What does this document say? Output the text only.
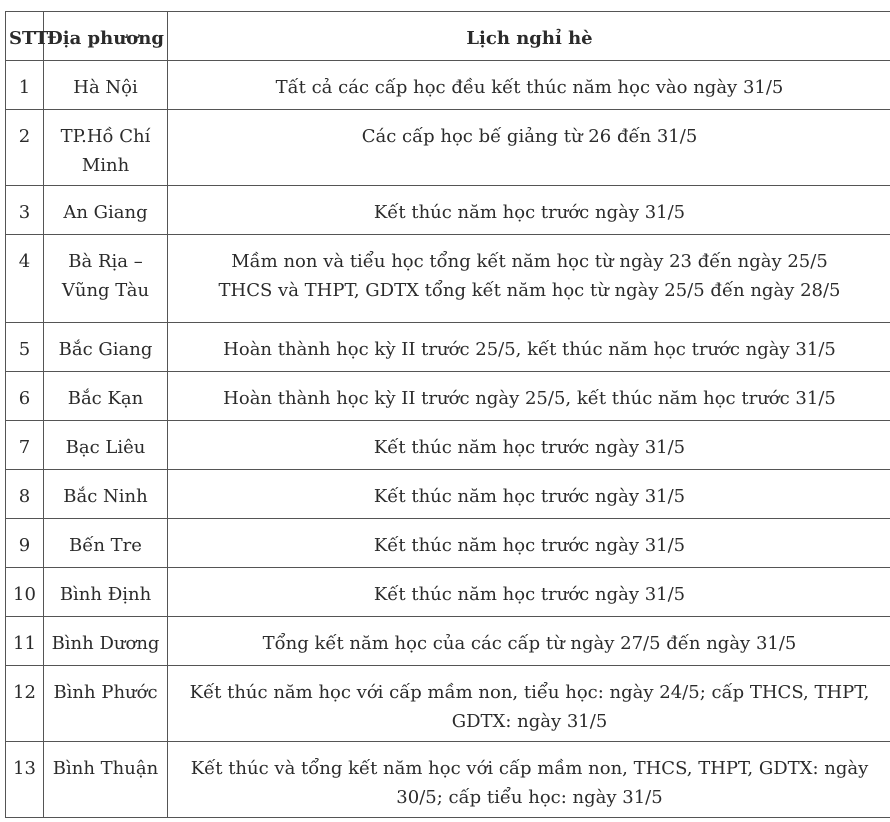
STT	Địa phương	Lịch nghỉ hè
1	Hà Nội	Tất cả các cấp học đều kết thúc năm học vào ngày 31/5

2	TP.Hồ Chí Minh	Các cấp học bế giảng từ 26 đến 31/5

3	An Giang	Kết thúc năm học trước ngày 31/5

4	Bà Rịa – Vũng Tàu	Mầm non và tiểu học tổng kết năm học từ ngày 23 đến ngày 25/5
THCS và THPT, GDTX tổng kết năm học từ ngày 25/5 đến ngày 28/5

5	Bắc Giang	Hoàn thành học kỳ II trước 25/5, kết thúc năm học trước ngày 31/5

6	Bắc Kạn	Hoàn thành học kỳ II trước ngày 25/5, kết thúc năm học trước 31/5

7	Bạc Liêu	Kết thúc năm học trước ngày 31/5

8	Bắc Ninh	Kết thúc năm học trước ngày 31/5

9	Bến Tre	Kết thúc năm học trước ngày 31/5

10	Bình Định	Kết thúc năm học trước ngày 31/5

11	Bình Dương	Tổng kết năm học của các cấp từ ngày 27/5 đến ngày 31/5

12	Bình Phước	Kết thúc năm học với cấp mầm non, tiểu học: ngày 24/5; cấp THCS, THPT, GDTX: ngày 31/5

13	Bình Thuận	Kết thúc và tổng kết năm học với cấp mầm non, THCS, THPT, GDTX: ngày 30/5; cấp tiểu học: ngày 31/5
